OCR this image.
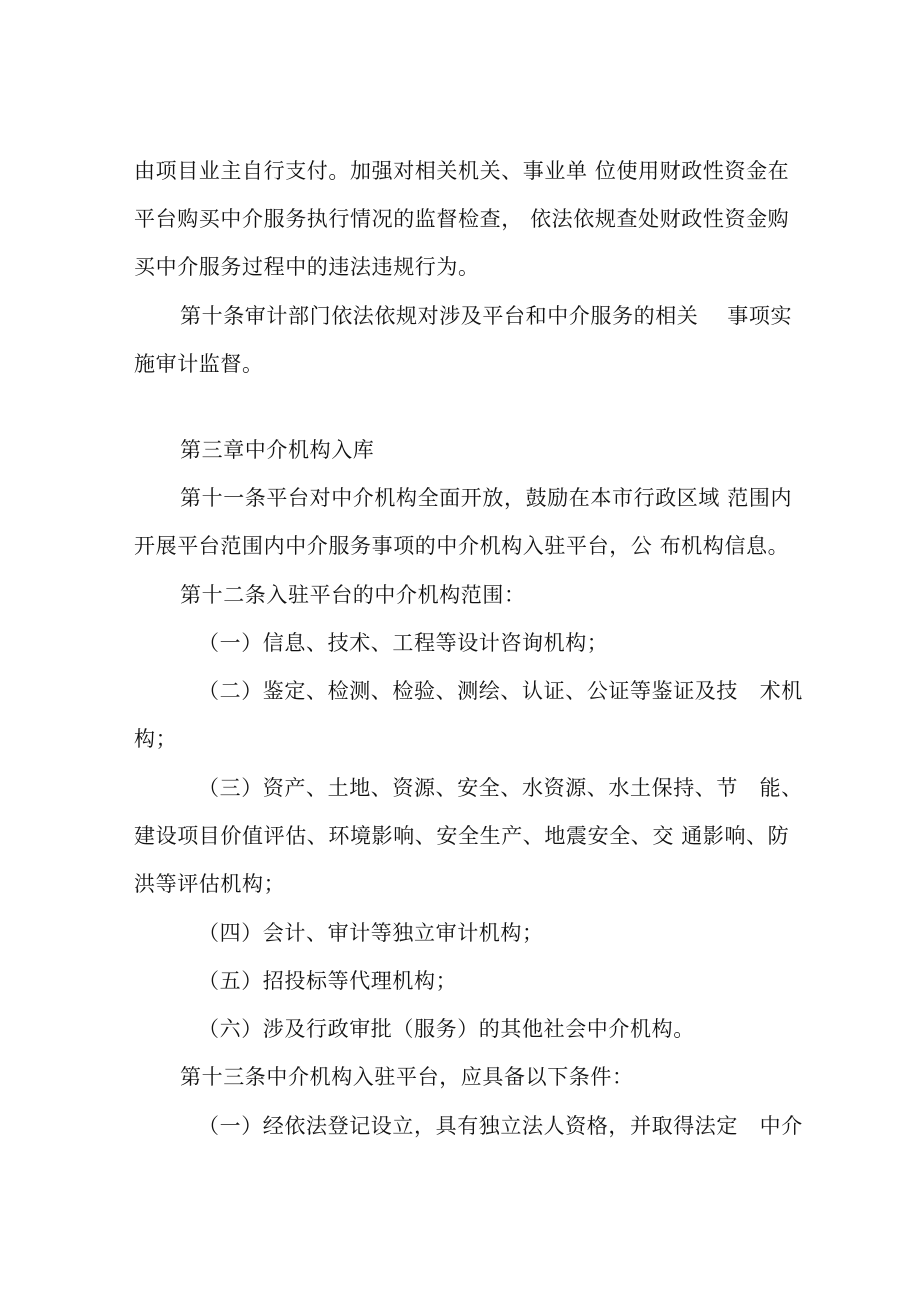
由项目业主自行支付。加强对相关机关、事业单 位使用财政性资金在

平台购买中介服务执行情况的监督检查， 依法依规查处财政性资金购

买中介服务过程中的违法违规行为。

第十条审计部门依法依规对涉及平台和中介服务的相关　 事项实

施审计监督。

第三章中介机构入库

第十一条平台对中介机构全面开放，鼓励在本市行政区域 范围内

开展平台范围内中介服务事项的中介机构入驻平台，公 布机构信息。

第十二条入驻平台的中介机构范围：

（一）信息、技术、工程等设计咨询机构；

（二）鉴定、检测、检验、测绘、认证、公证等鉴证及技　术机

构；

（三）资产、土地、资源、安全、水资源、水土保持、节　能、

建设项目价值评估、环境影响、安全生产、地震安全、交 通影响、防

洪等评估机构；

（四）会计、审计等独立审计机构；

（五）招投标等代理机构；

（六）涉及行政审批（服务）的其他社会中介机构。

第十三条中介机构入驻平台，应具备以下条件：

（一）经依法登记设立，具有独立法人资格，并取得法定　中介
